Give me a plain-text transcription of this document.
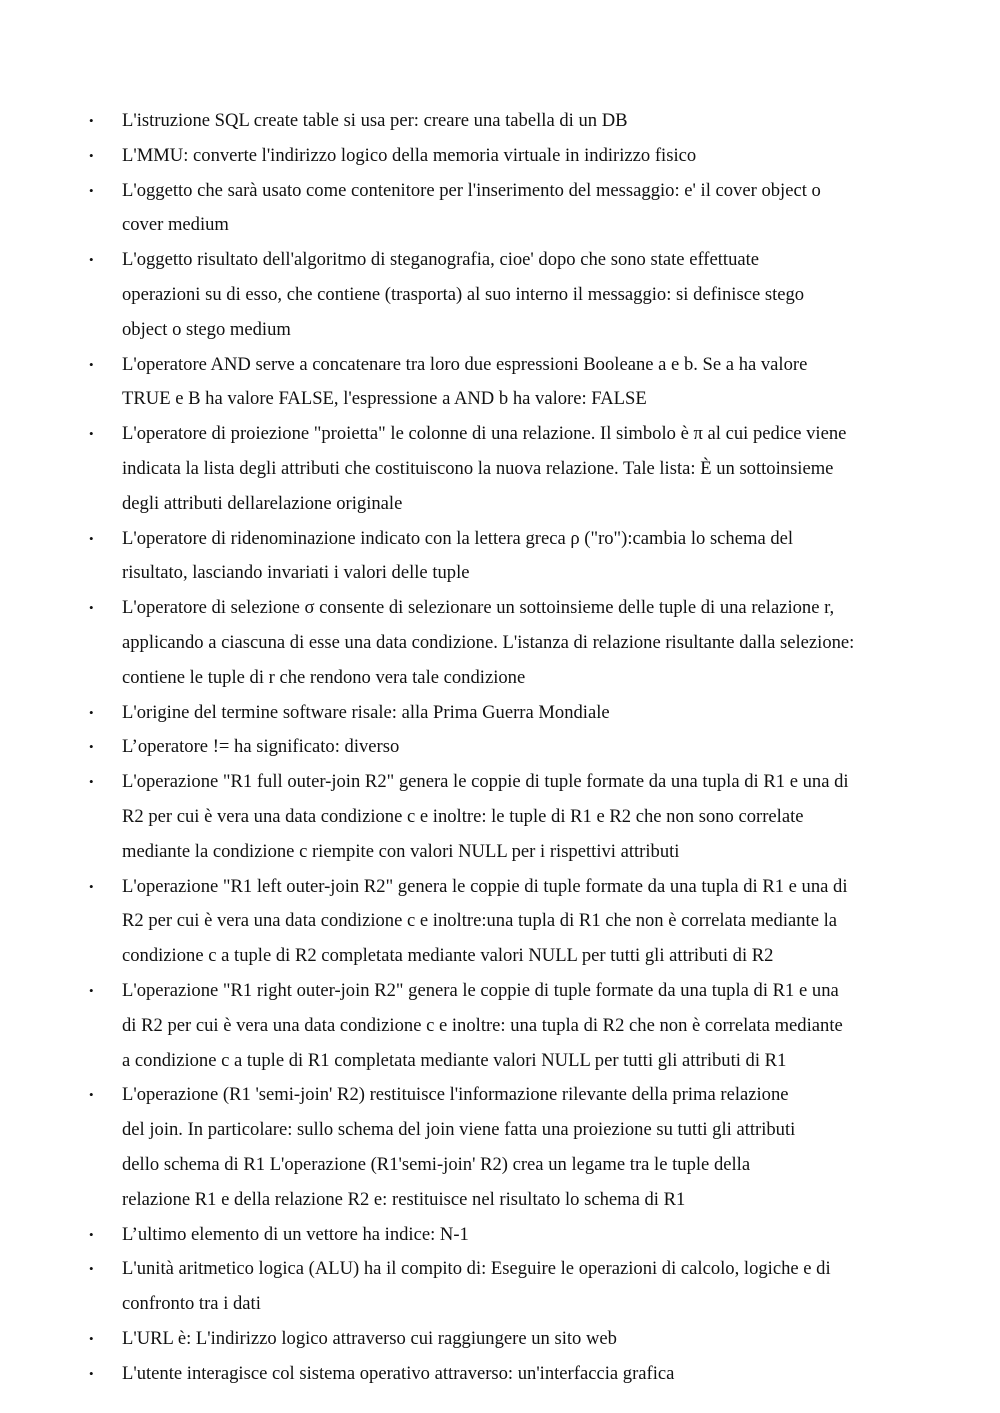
•	L'istruzione SQL create table si usa per: creare una tabella di un DB
•	L'MMU: converte l'indirizzo logico della memoria virtuale in indirizzo fisico
•	L'oggetto che sarà usato come contenitore per l'inserimento del messaggio: e' il cover object o
cover medium
•	L'oggetto risultato dell'algoritmo di steganografia, cioe' dopo che sono state effettuate
operazioni su di esso, che contiene (trasporta) al suo interno il messaggio: si definisce stego
object o stego medium
•	L'operatore AND serve a concatenare tra loro due espressioni Booleane a e b. Se a ha valore
TRUE e B ha valore FALSE, l'espressione a AND b ha valore: FALSE
•	L'operatore di proiezione "proietta" le colonne di una relazione. Il simbolo è π al cui pedice viene
indicata la lista degli attributi che costituiscono la nuova relazione. Tale lista: È un sottoinsieme
degli attributi dellarelazione originale
•	L'operatore di ridenominazione indicato con la lettera greca ρ ("ro"):cambia lo schema del
risultato, lasciando invariati i valori delle tuple
•	L'operatore di selezione σ consente di selezionare un sottoinsieme delle tuple di una relazione r,
applicando a ciascuna di esse una data condizione. L'istanza di relazione risultante dalla selezione:
contiene le tuple di r che rendono vera tale condizione
•	L'origine del termine software risale: alla Prima Guerra Mondiale
•	L’operatore != ha significato: diverso
•	L'operazione "R1 full outer-join R2" genera le coppie di tuple formate da una tupla di R1 e una di
R2 per cui è vera una data condizione c e inoltre: le tuple di R1 e R2 che non sono correlate
mediante la condizione c riempite con valori NULL per i rispettivi attributi
•	L'operazione "R1 left outer-join R2" genera le coppie di tuple formate da una tupla di R1 e una di
R2 per cui è vera una data condizione c e inoltre:una tupla di R1 che non è correlata mediante la
condizione c a tuple di R2 completata mediante valori NULL per tutti gli attributi di R2
•	L'operazione "R1 right outer-join R2" genera le coppie di tuple formate da una tupla di R1 e una
di R2 per cui è vera una data condizione c e inoltre: una tupla di R2 che non è correlata mediante
a condizione c a tuple di R1 completata mediante valori NULL per tutti gli attributi di R1
•	L'operazione (R1 'semi-join' R2) restituisce l'informazione rilevante della prima relazione
del join. In particolare: sullo schema del join viene fatta una proiezione su tutti gli attributi
dello schema di R1 L'operazione (R1'semi-join' R2) crea un legame tra le tuple della
relazione R1 e della relazione R2 e: restituisce nel risultato lo schema di R1
•	L’ultimo elemento di un vettore ha indice: N-1
•	L'unità aritmetico logica (ALU) ha il compito di: Eseguire le operazioni di calcolo, logiche e di
confronto tra i dati
•	L'URL è: L'indirizzo logico attraverso cui raggiungere un sito web
•	L'utente interagisce col sistema operativo attraverso: un'interfaccia grafica
